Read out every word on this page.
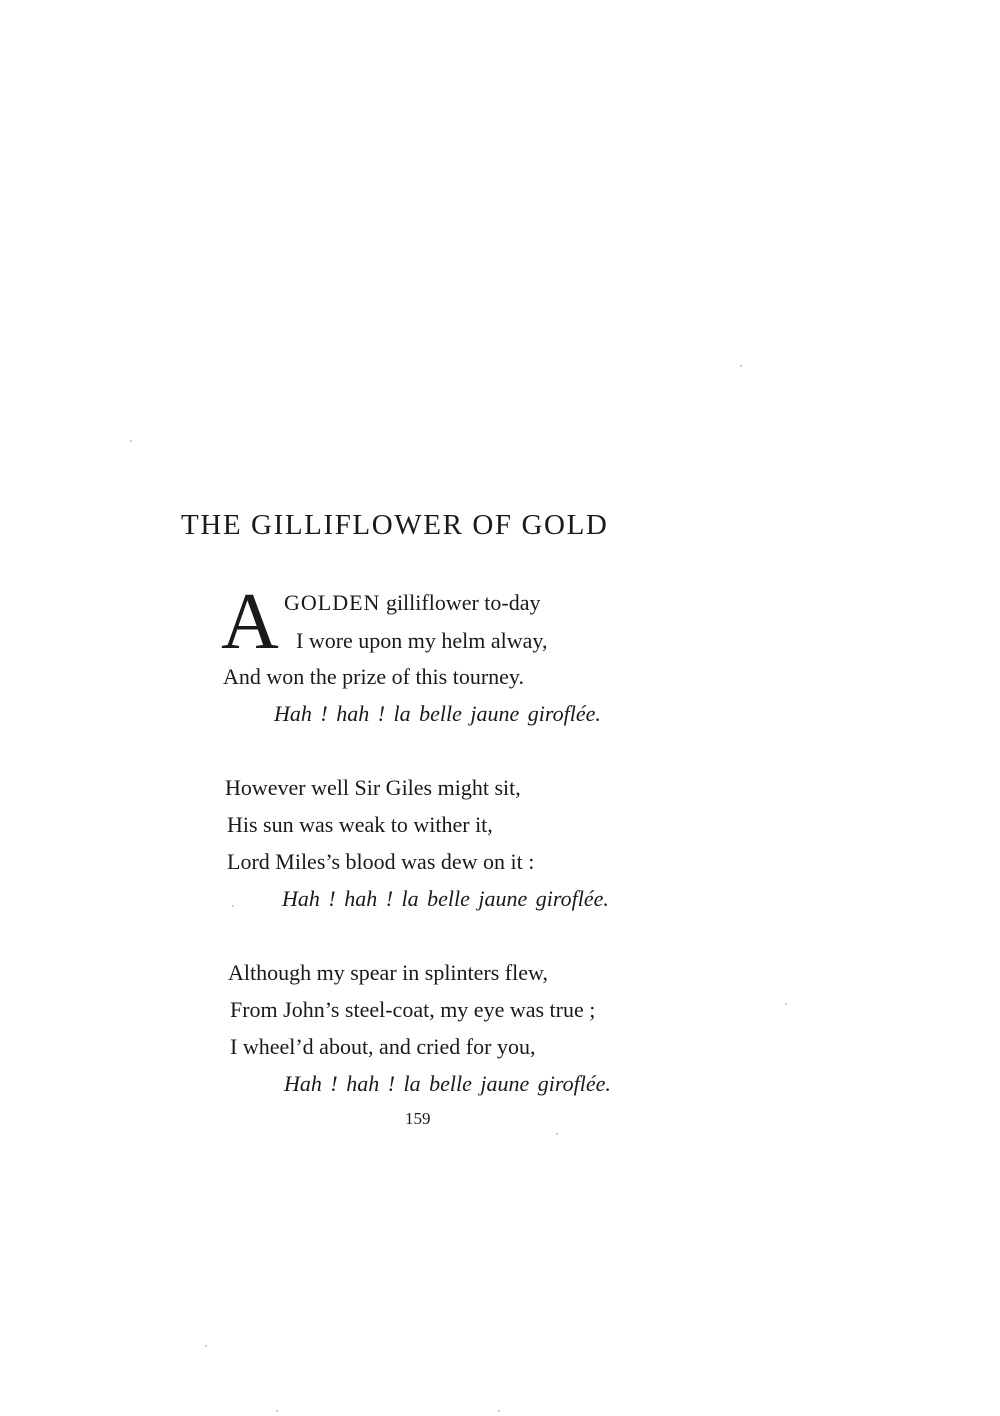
THE GILLIFLOWER OF GOLD
A GOLDEN gilliflower to-day
I wore upon my helm alway,
And won the prize of this tourney.
Hah ! hah ! la belle jaune giroflée.
However well Sir Giles might sit,
His sun was weak to wither it,
Lord Miles’s blood was dew on it :
Hah ! hah ! la belle jaune giroflée.
Although my spear in splinters flew,
From John’s steel-coat, my eye was true ;
I wheel’d about, and cried for you,
Hah ! hah ! la belle jaune giroflée.
159
